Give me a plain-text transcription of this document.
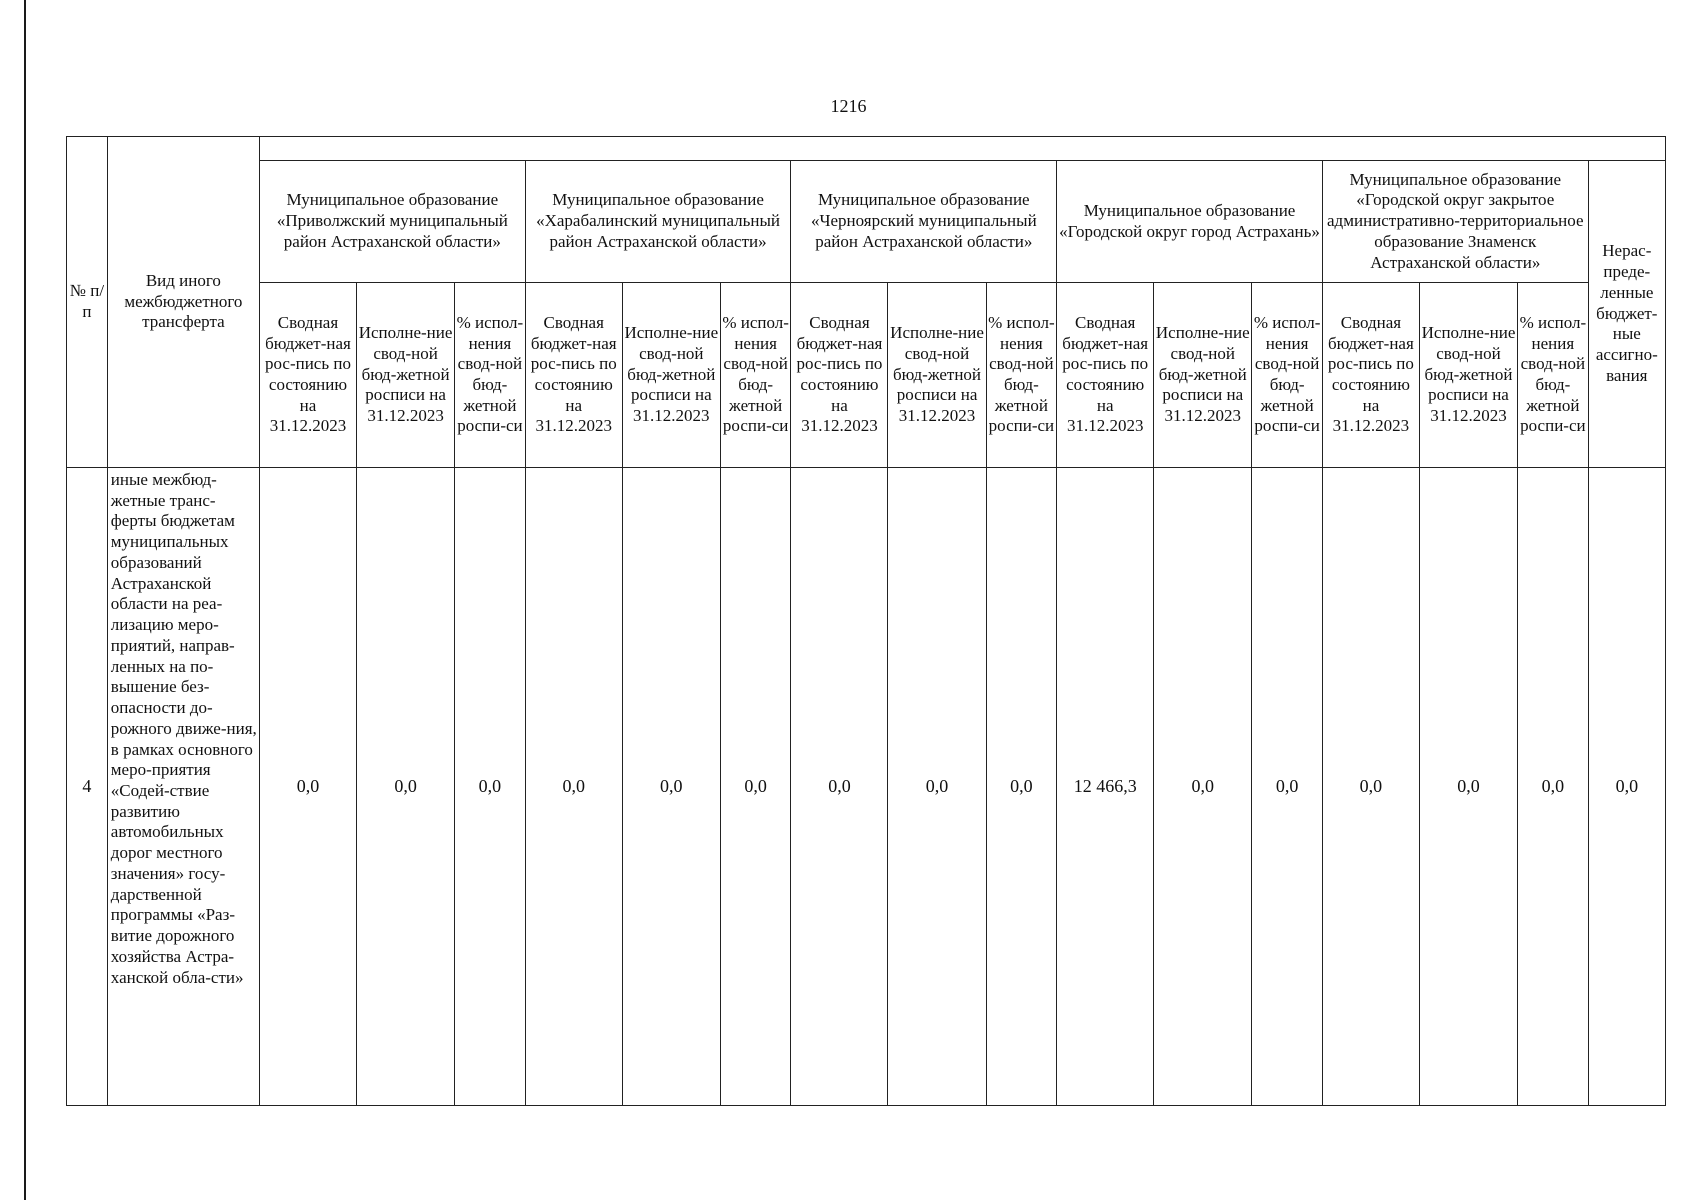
1216
№ п/п	Вид иного межбюджетного трансферта																
		Муниципальное образование «Приволжский муниципальный район Астраханской области»			Муниципальное образование «Харабалинский муниципальный район Астраханской области»			Муниципальное образование «Черноярский муниципальный район Астраханской области»			Муниципальное образование «Городской округ город Астрахань»			Муниципальное образование «Городской округ закрытое административно-территориальное образование Знаменск Астраханской области»			Нерас-преде-ленные бюджет-ные ассигно-вания
		Сводная бюджет-ная рос-пись по состоянию на 31.12.2023	Исполне-ние свод-ной бюд-жетной росписи на 31.12.2023	% испол-нения свод-ной бюд-жетной роспи-си	Сводная бюджет-ная рос-пись по состоянию на 31.12.2023	Исполне-ние свод-ной бюд-жетной росписи на 31.12.2023	% испол-нения свод-ной бюд-жетной роспи-си	Сводная бюджет-ная рос-пись по состоянию на 31.12.2023	Исполне-ние свод-ной бюд-жетной росписи на 31.12.2023	% испол-нения свод-ной бюд-жетной роспи-си	Сводная бюджет-ная рос-пись по состоянию на 31.12.2023	Исполне-ние свод-ной бюд-жетной росписи на 31.12.2023	% испол-нения свод-ной бюд-жетной роспи-си	Сводная бюджет-ная рос-пись по состоянию на 31.12.2023	Исполне-ние свод-ной бюд-жетной росписи на 31.12.2023	% испол-нения свод-ной бюд-жетной роспи-си	
4	иные межбюд-жетные транс-ферты бюджетам муниципальных образований Астраханской области на реа-лизацию меро-приятий, направ-ленных на по-вышение без-опасности до-рожного движе-ния, в рамках основного меро-приятия «Содей-ствие развитию автомобильных дорог местного значения» госу-дарственной программы «Раз-витие дорожного хозяйства Астра-ханской обла-сти»	0,0	0,0	0,0	0,0	0,0	0,0	0,0	0,0	0,0	12 466,3	0,0	0,0	0,0	0,0	0,0	0,0
